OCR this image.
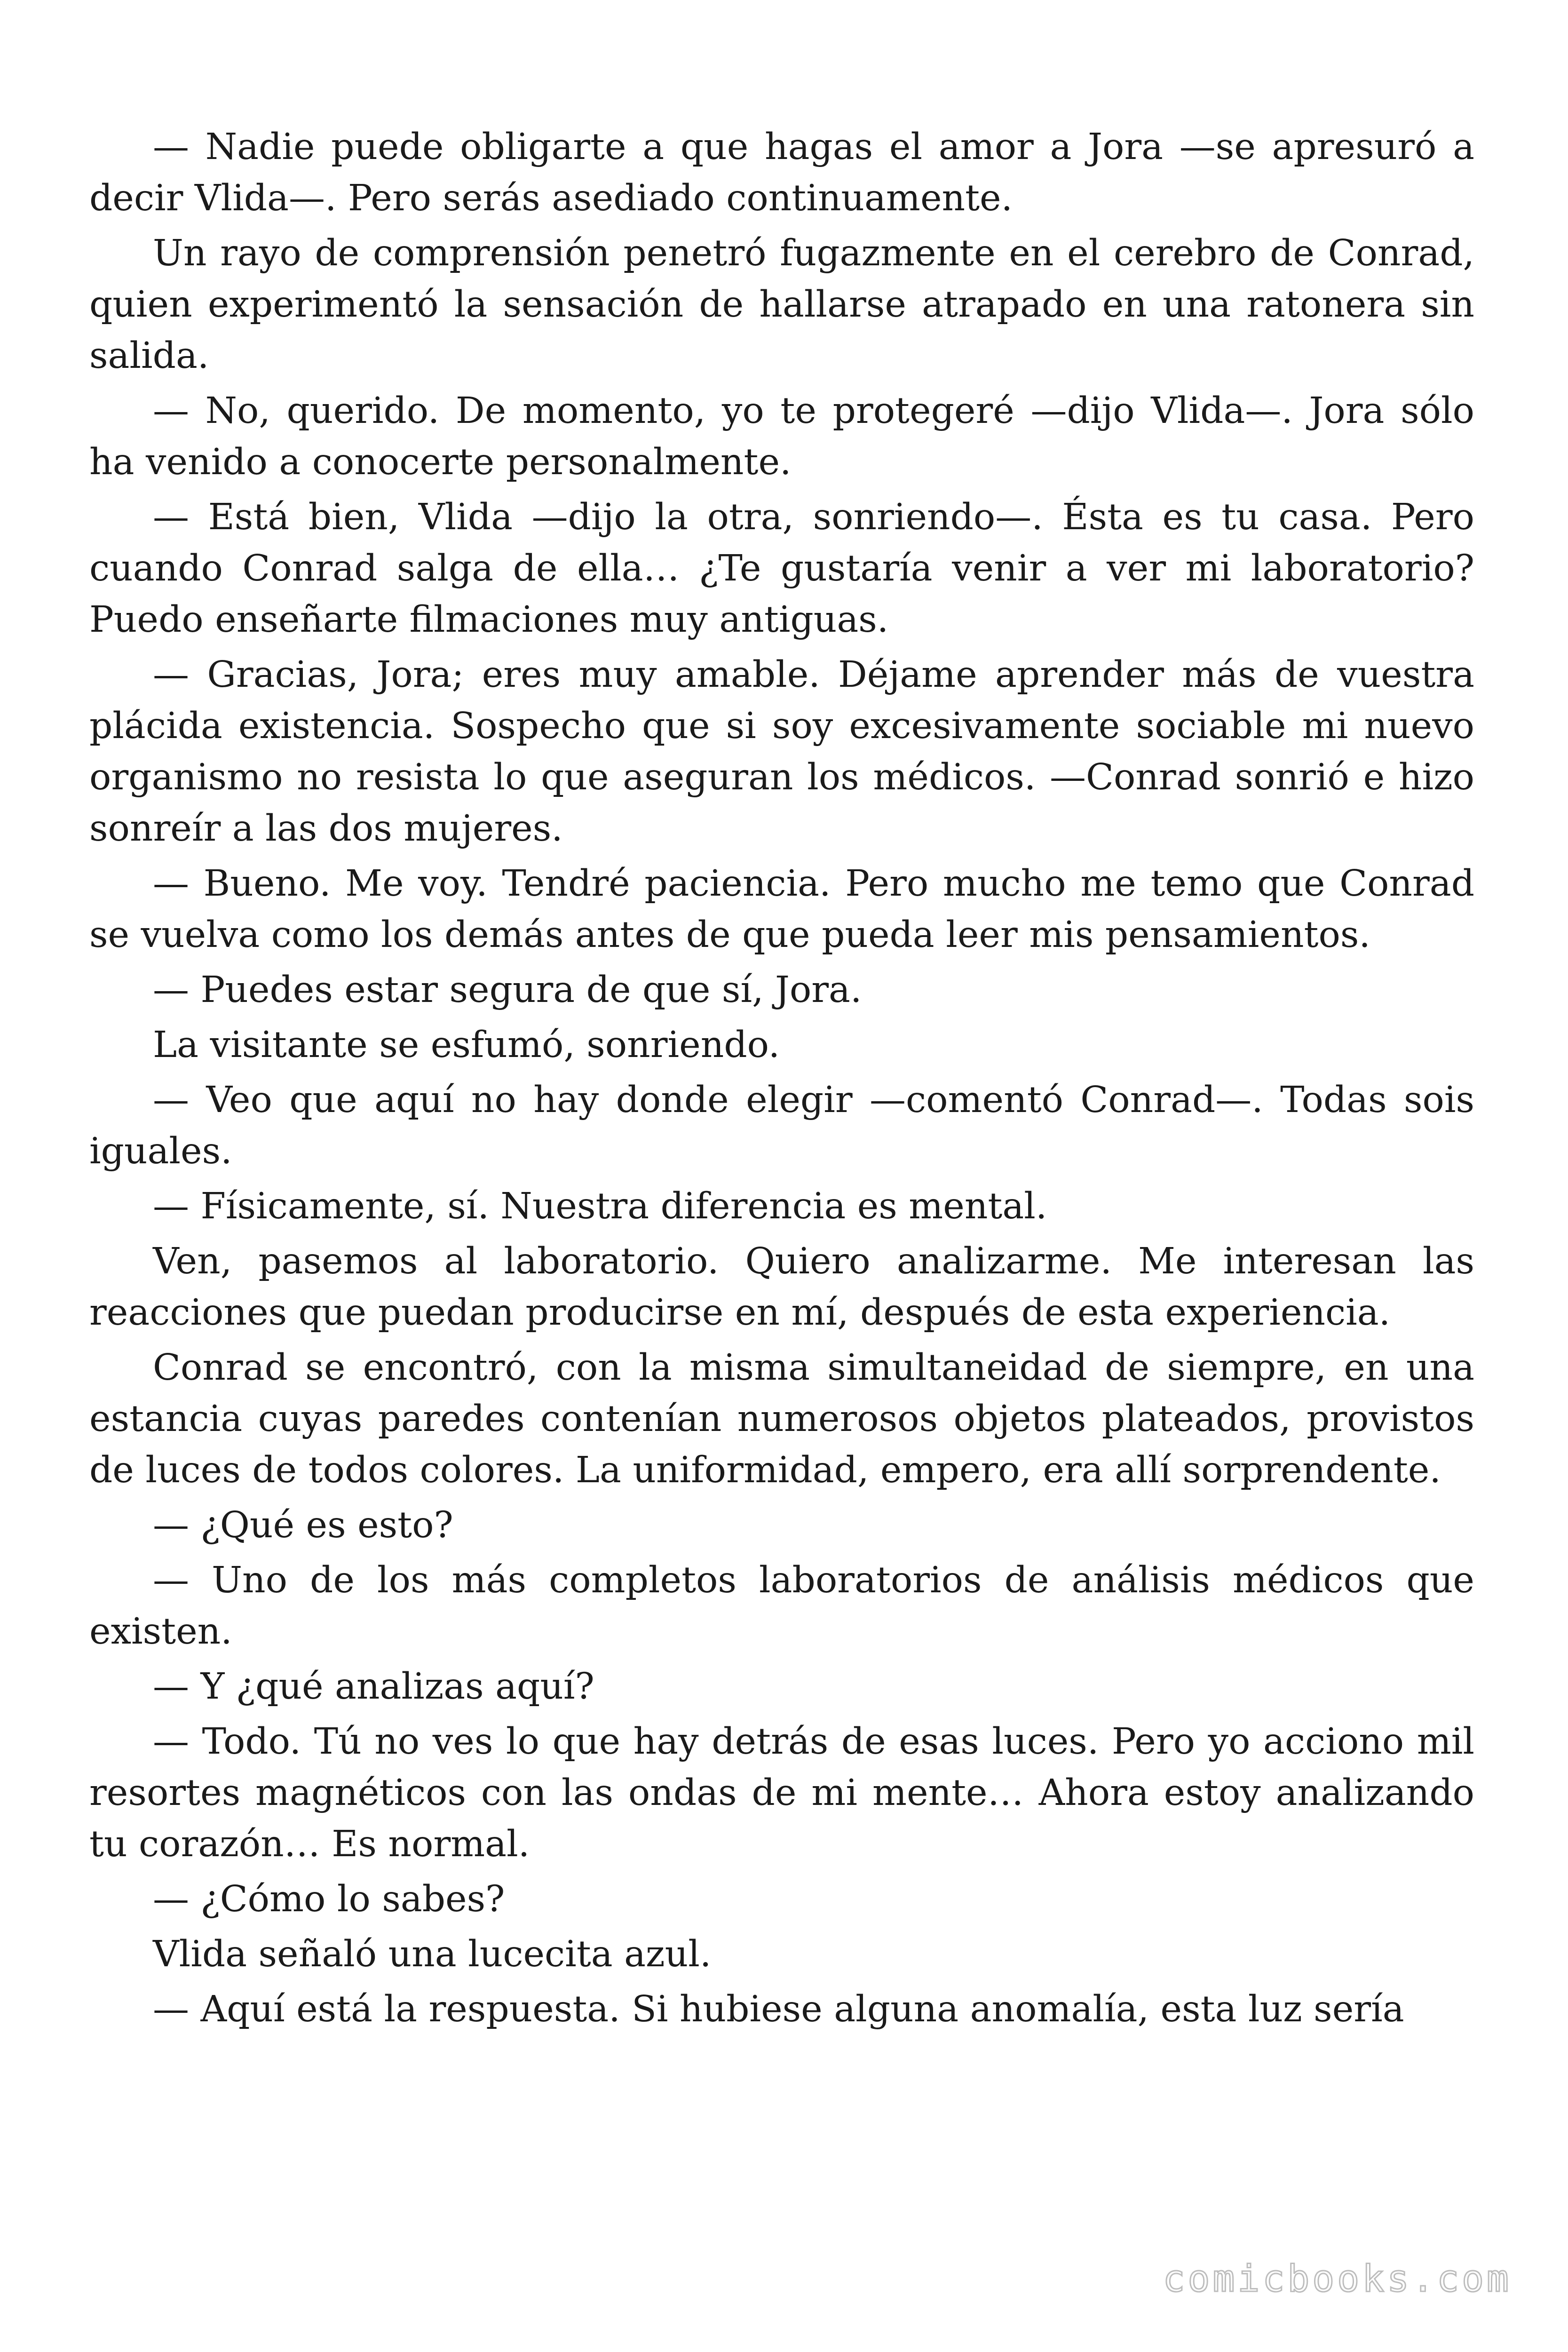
— Nadie puede obligarte a que hagas el amor a Jora —se apresuró a decir Vlida—. Pero serás asediado continuamente.

Un rayo de comprensión penetró fugazmente en el cerebro de Conrad, quien experimentó la sensación de hallarse atrapado en una ratonera sin salida.

— No, querido. De momento, yo te protegeré —dijo Vlida—. Jora sólo ha venido a conocerte personalmente.

— Está bien, Vlida —dijo la otra, sonriendo—. Ésta es tu casa. Pero cuando Conrad salga de ella… ¿Te gustaría venir a ver mi laboratorio? Puedo enseñarte filmaciones muy antiguas.

— Gracias, Jora; eres muy amable. Déjame aprender más de vuestra plácida existencia. Sospecho que si soy excesivamente sociable mi nuevo organismo no resista lo que aseguran los médicos. —Conrad sonrió e hizo sonreír a las dos mujeres.

— Bueno. Me voy. Tendré paciencia. Pero mucho me temo que Conrad se vuelva como los demás antes de que pueda leer mis pensamientos.

— Puedes estar segura de que sí, Jora.

La visitante se esfumó, sonriendo.

— Veo que aquí no hay donde elegir —comentó Conrad—. Todas sois iguales.

— Físicamente, sí. Nuestra diferencia es mental.

Ven, pasemos al laboratorio. Quiero analizarme. Me interesan las reacciones que puedan producirse en mí, después de esta experiencia.

Conrad se encontró, con la misma simultaneidad de siempre, en una estancia cuyas paredes contenían numerosos objetos plateados, provistos de luces de todos colores. La uniformidad, empero, era allí sorprendente.

— ¿Qué es esto?

— Uno de los más completos laboratorios de análisis médicos que existen.

— Y ¿qué analizas aquí?

— Todo. Tú no ves lo que hay detrás de esas luces. Pero yo acciono mil resortes magnéticos con las ondas de mi mente… Ahora estoy analizando tu corazón… Es normal.

— ¿Cómo lo sabes?

Vlida señaló una lucecita azul.

— Aquí está la respuesta. Si hubiese alguna anomalía, esta luz sería

comicbooks.com
